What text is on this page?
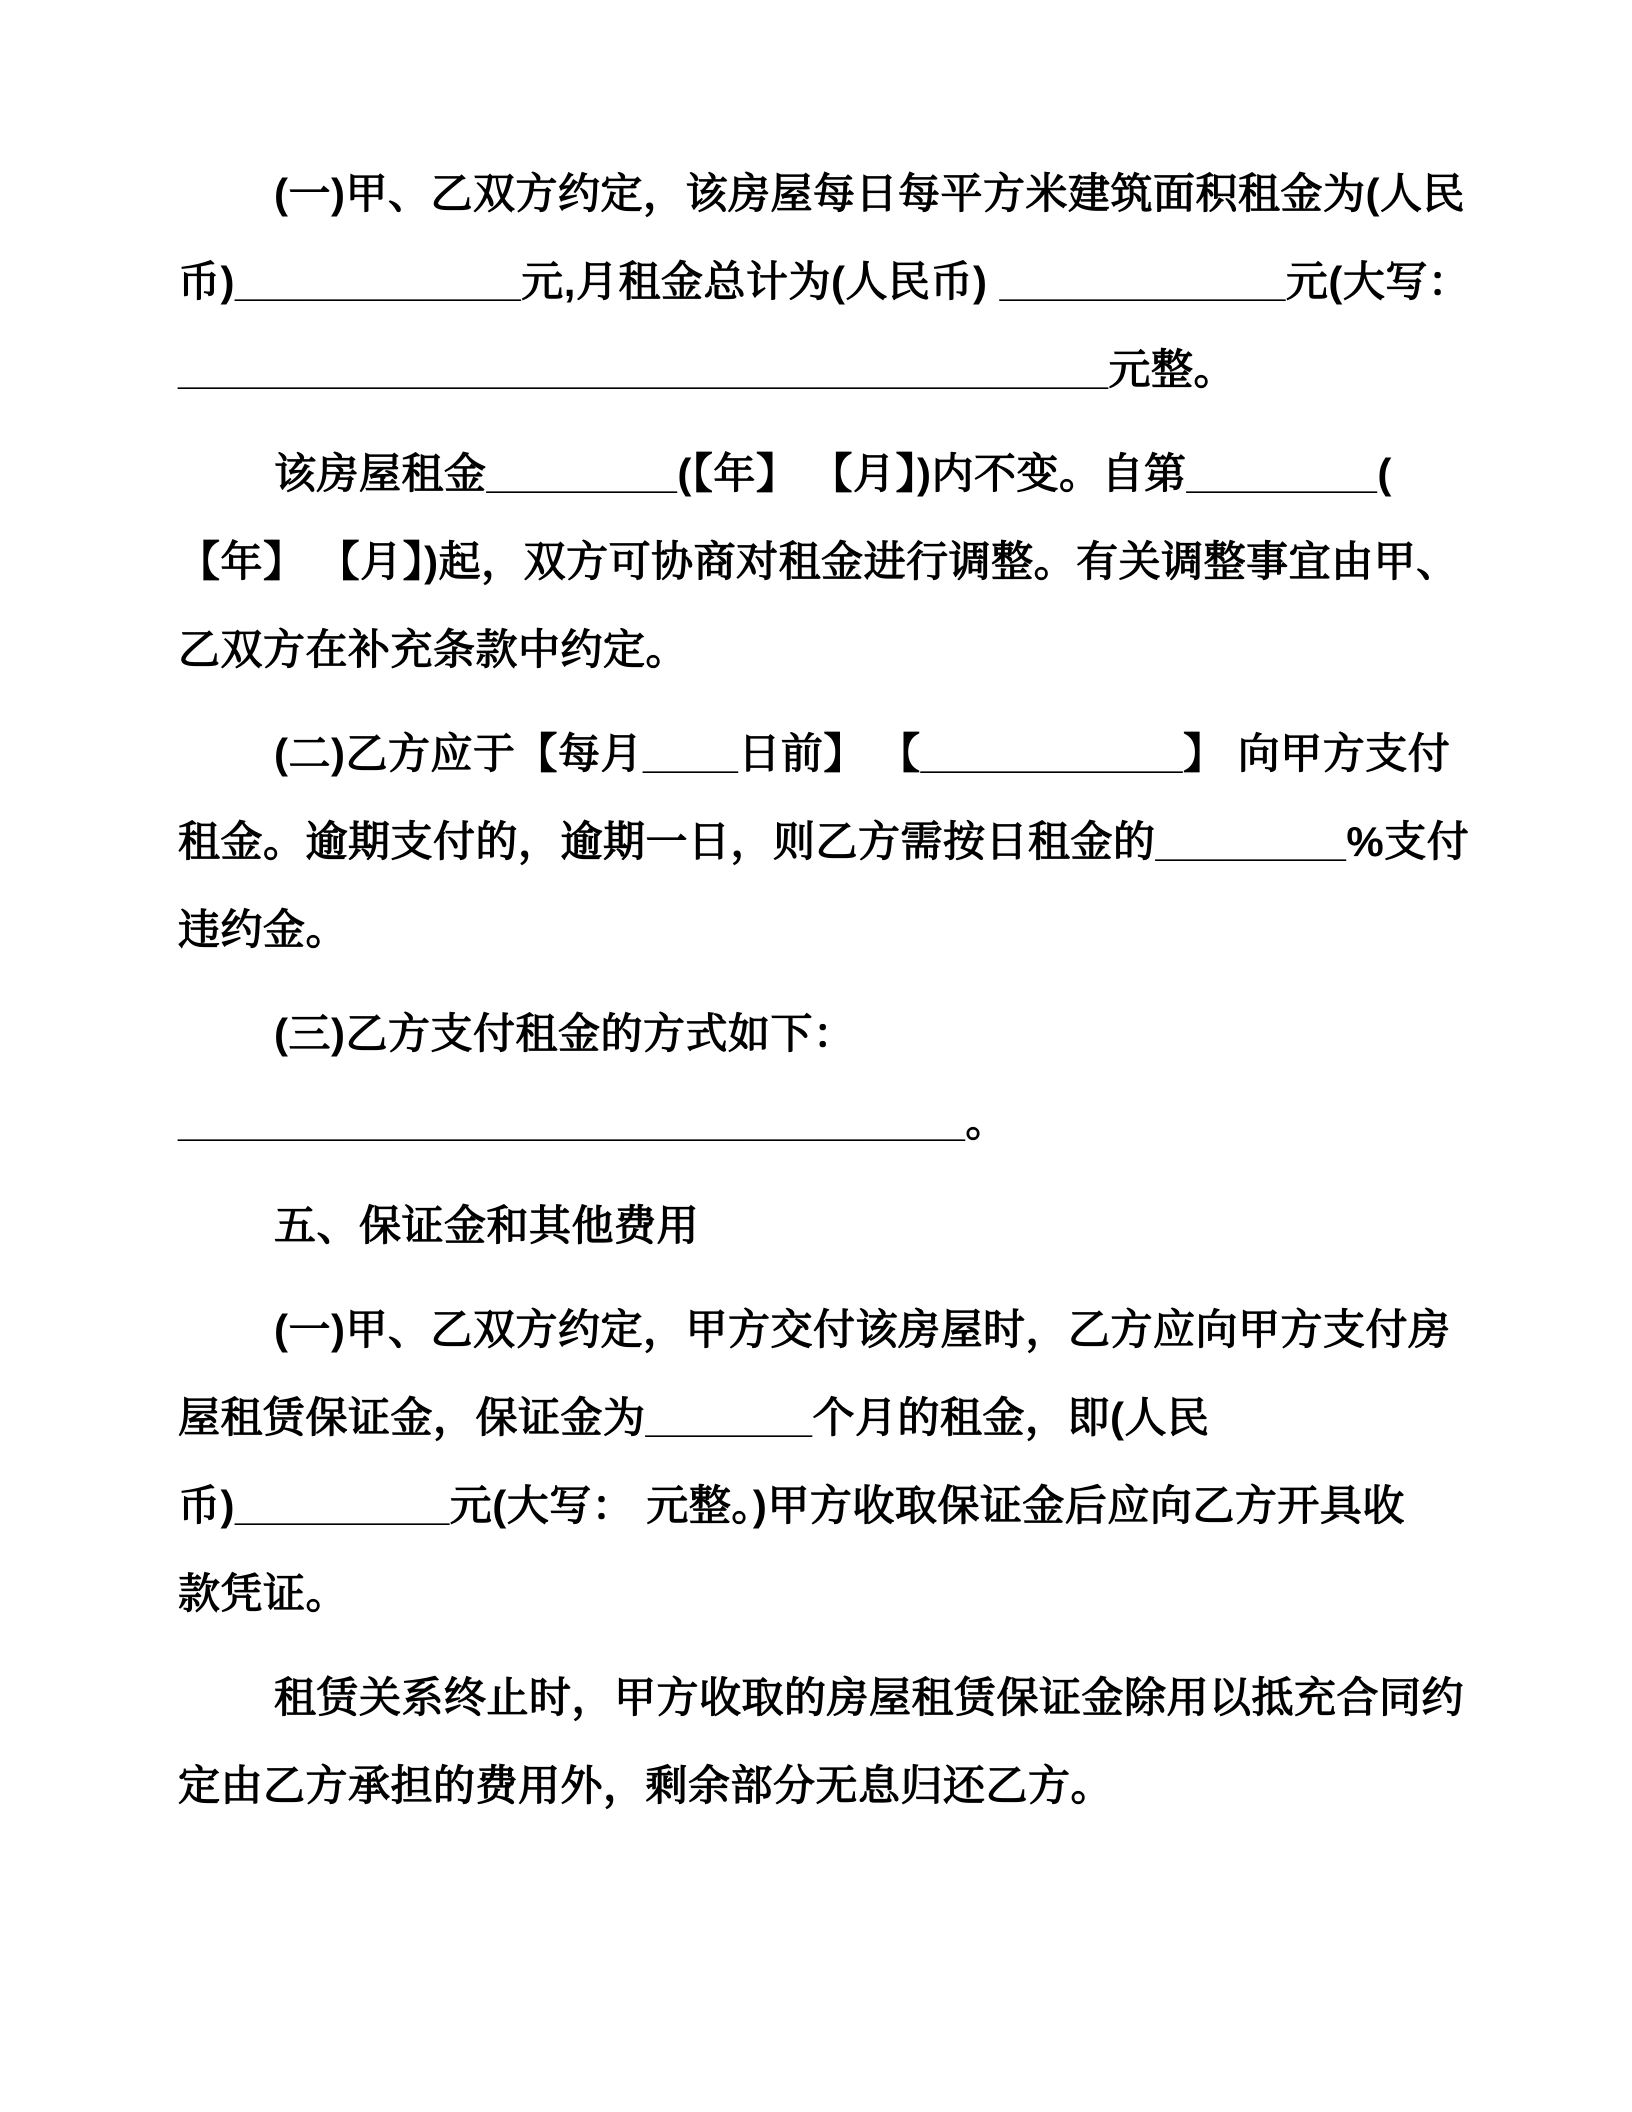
(一)甲、乙双方约定，该房屋每日每平方米建筑面积租金为(人民
币)____________元,月租金总计为(人民币) ____________元(大写：
_______________________________________元整。
该房屋租金________(【年】 【月】)内不变。自第________(
【年】 【月】)起，双方可协商对租金进行调整。有关调整事宜由甲、
乙双方在补充条款中约定。
(二)乙方应于【每月____日前】 【___________】 向甲方支付
租金。逾期支付的，逾期一日，则乙方需按日租金的________%支付
违约金。
(三)乙方支付租金的方式如下：
_________________________________。
五、保证金和其他费用
(一)甲、乙双方约定，甲方交付该房屋时，乙方应向甲方支付房
屋租赁保证金，保证金为_______个月的租金，即(人民
币)_________元(大写： 元整。)甲方收取保证金后应向乙方开具收
款凭证。
租赁关系终止时，甲方收取的房屋租赁保证金除用以抵充合同约
定由乙方承担的费用外，剩余部分无息归还乙方。
